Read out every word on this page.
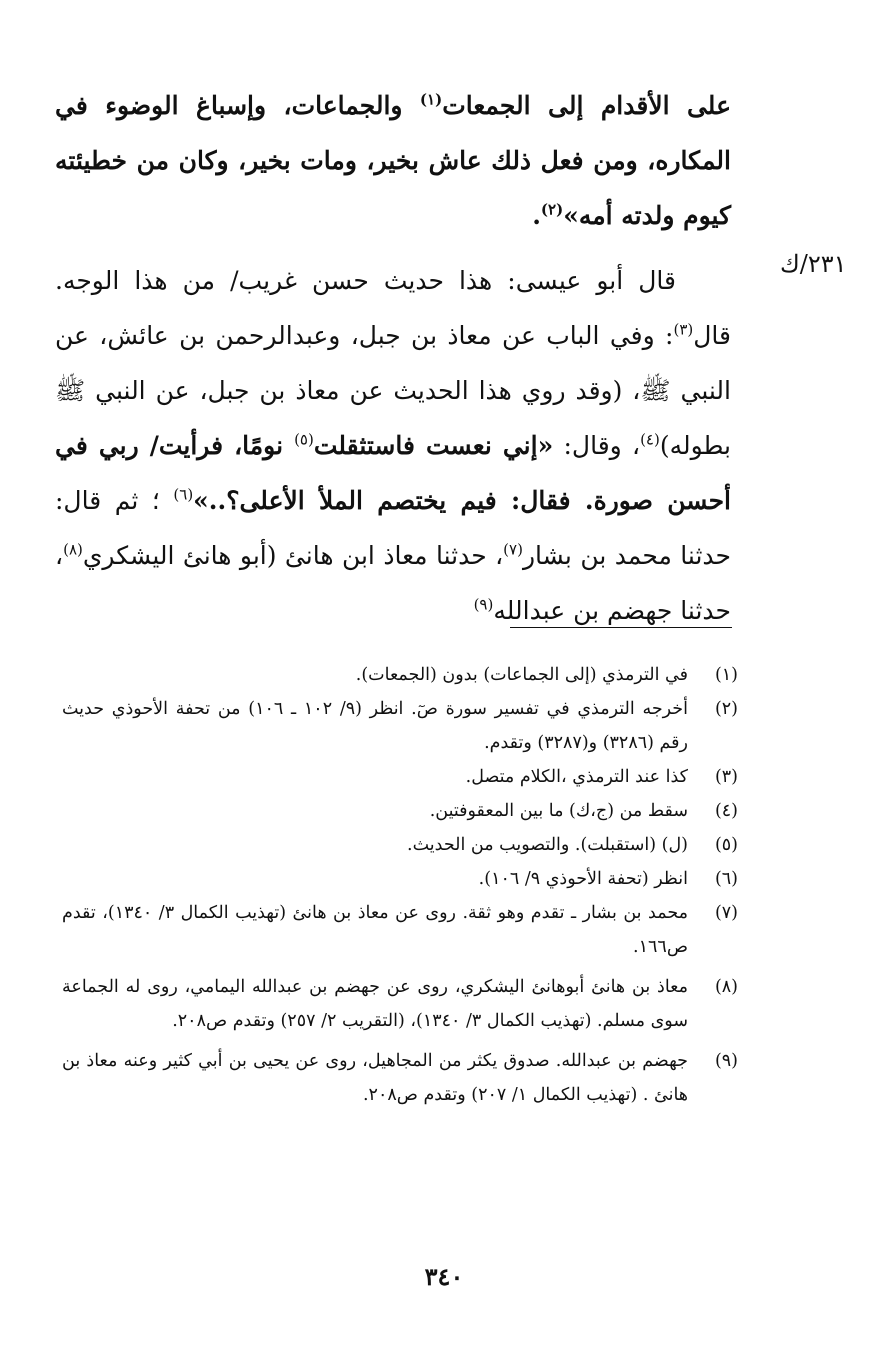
٢٣١/ك

على الأقدام إلى الجمعات$^{(١)}$ والجماعات، وإسباغ الوضوء في المكاره، ومن فعل ذلك عاش بخير، ومات بخير، وكان من خطيئته كيوم ولدته أمه»$^{(٢)}$.

قال أبو عيسى: هذا حديث حسن غريب/ من هذا الوجه. قال$^{(٣)}$: وفي الباب عن معاذ بن جبل، وعبدالرحمن بن عائش، عن النبي ﷺ، (وقد روي هذا الحديث عن معاذ بن جبل، عن النبي ﷺ بطوله)$^{(٤)}$، وقال: «إني نعست فاستثقلت$^{(٥)}$ نومًا، فرأيت/ ربي في أحسن صورة. فقال: فيم يختصم الملأ الأعلى؟..»$^{(٦)}$ ؛ ثم قال: حدثنا محمد بن بشار$^{(٧)}$، حدثنا معاذ ابن هانئ (أبو هانئ اليشكري$^{(٨)}$، حدثنا جهضم بن عبدالله$^{(٩)}$

(١)
في الترمذي (إلى الجماعات) بدون (الجمعات).
(٢)
أخرجه الترمذي في تفسير سورة صٓ. انظر (٩/ ١٠٢ ـ ١٠٦) من تحفة الأحوذي حديث رقم (٣٢٨٦) و(٣٢٨٧) وتقدم.
(٣)
كذا عند الترمذي ،الكلام متصل.
(٤)
سقط من (ج،ك) ما بين المعقوفتين.
(٥)
(ل) (استقبلت). والتصويب من الحديث.
(٦)
انظر (تحفة الأحوذي ٩/ ١٠٦).
(٧)
محمد بن بشار ـ تقدم وهو ثقة. روى عن معاذ بن هانئ (تهذيب الكمال ٣/ ١٣٤٠)، تقدم ص١٦٦.
(٨)
معاذ بن هانئ أبوهانئ اليشكري، روى عن جهضم بن عبدالله اليمامي، روى له الجماعة سوى مسلم. (تهذيب الكمال ٣/ ١٣٤٠)، (التقريب ٢/ ٢٥٧) وتقدم ص٢٠٨.
(٩)
جهضم بن عبدالله. صدوق يكثر من المجاهيل، روى عن يحيى بن أبي كثير وعنه معاذ بن هانئ . (تهذيب الكمال ١/ ٢٠٧) وتقدم ص٢٠٨.
٣٤٠
